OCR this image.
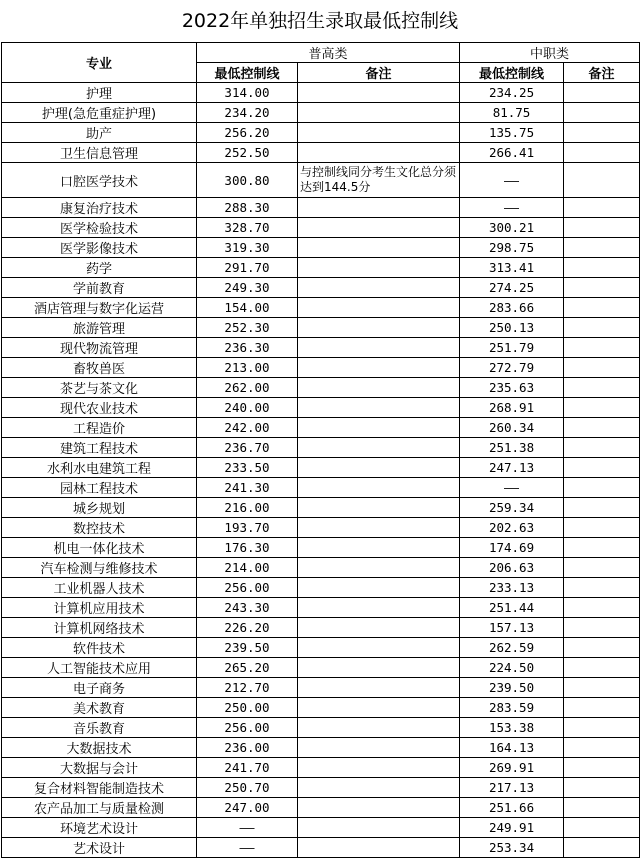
2022年单独招生录取最低控制线
专业	普高类		中职类	
	最低控制线	备注	最低控制线	备注
护理	314.00		234.25	
护理(急危重症护理)	234.20		81.75	
助产	256.20		135.75	
卫生信息管理	252.50		266.41	
口腔医学技术	300.80	与控制线同分考生文化总分须达到144.5分	——	
康复治疗技术	288.30		——	
医学检验技术	328.70		300.21	
医学影像技术	319.30		298.75	
药学	291.70		313.41	
学前教育	249.30		274.25	
酒店管理与数字化运营	154.00		283.66	
旅游管理	252.30		250.13	
现代物流管理	236.30		251.79	
畜牧兽医	213.00		272.79	
茶艺与茶文化	262.00		235.63	
现代农业技术	240.00		268.91	
工程造价	242.00		260.34	
建筑工程技术	236.70		251.38	
水利水电建筑工程	233.50		247.13	
园林工程技术	241.30		——	
城乡规划	216.00		259.34	
数控技术	193.70		202.63	
机电一体化技术	176.30		174.69	
汽车检测与维修技术	214.00		206.63	
工业机器人技术	256.00		233.13	
计算机应用技术	243.30		251.44	
计算机网络技术	226.20		157.13	
软件技术	239.50		262.59	
人工智能技术应用	265.20		224.50	
电子商务	212.70		239.50	
美术教育	250.00		283.59	
音乐教育	256.00		153.38	
大数据技术	236.00		164.13	
大数据与会计	241.70		269.91	
复合材料智能制造技术	250.70		217.13	
农产品加工与质量检测	247.00		251.66	
环境艺术设计	——		249.91	
艺术设计	——		253.34	
